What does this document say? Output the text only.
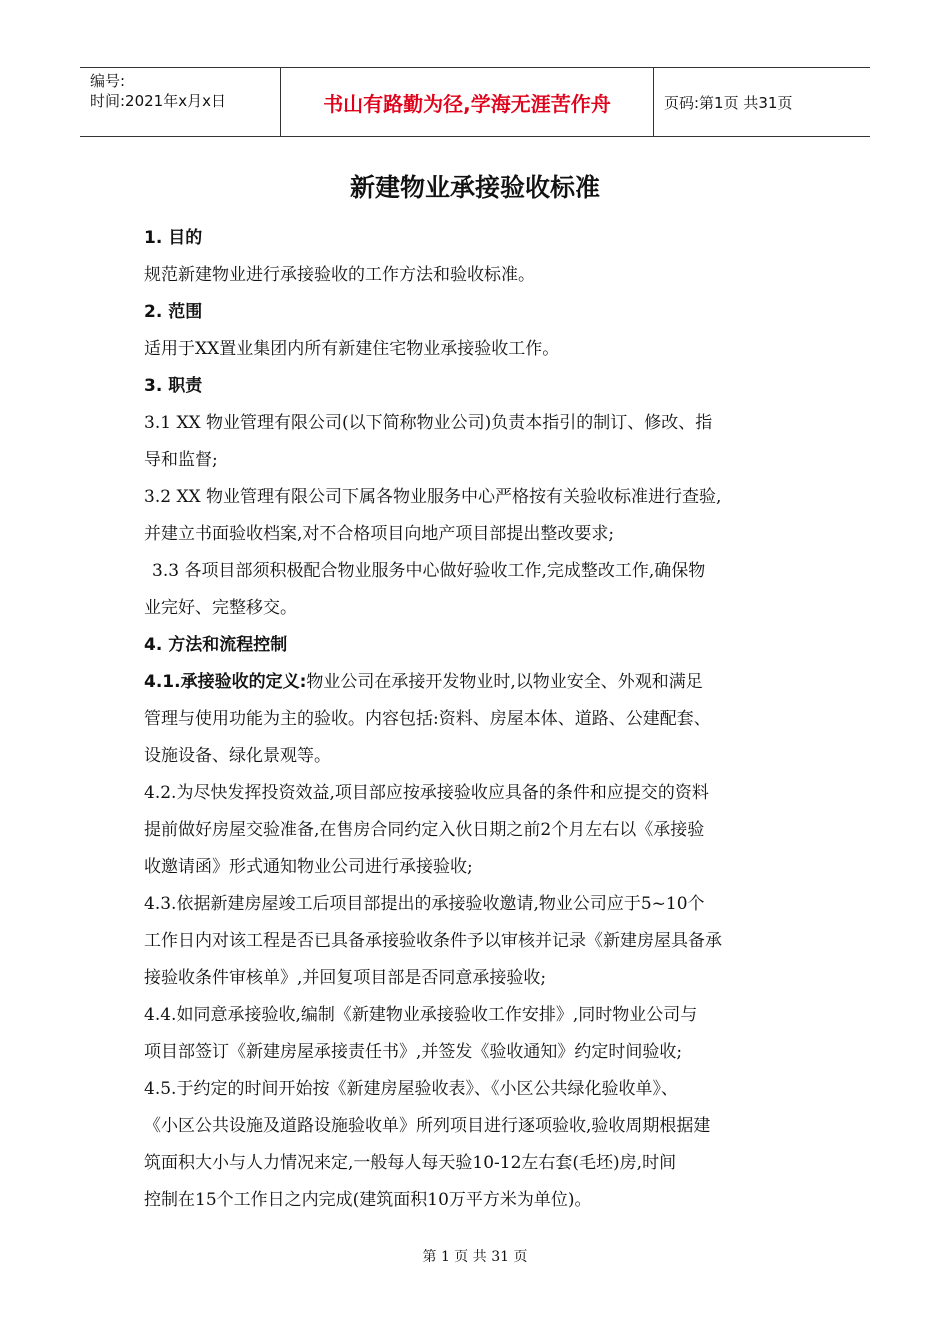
编号:
时间:2021年x月x日	书山有路勤为径,学海无涯苦作舟	页码:第1页 共31页
新建物业承接验收标准

1. 目的

规范新建物业进行承接验收的工作方法和验收标准。

2. 范围

适用于XX置业集团内所有新建住宅物业承接验收工作。

3. 职责

3.1 XX 物业管理有限公司(以下简称物业公司)负责本指引的制订、修改、指

导和监督;

3.2 XX 物业管理有限公司下属各物业服务中心严格按有关验收标准进行查验,

并建立书面验收档案,对不合格项目向地产项目部提出整改要求;

3.3 各项目部须积极配合物业服务中心做好验收工作,完成整改工作,确保物

业完好、完整移交。

4. 方法和流程控制

4.1.承接验收的定义:物业公司在承接开发物业时,以物业安全、外观和满足

管理与使用功能为主的验收。内容包括:资料、房屋本体、道路、公建配套、

设施设备、绿化景观等。

4.2.为尽快发挥投资效益,项目部应按承接验收应具备的条件和应提交的资料

提前做好房屋交验准备,在售房合同约定入伙日期之前2个月左右以《承接验

收邀请函》形式通知物业公司进行承接验收;

4.3.依据新建房屋竣工后项目部提出的承接验收邀请,物业公司应于5~10个

工作日内对该工程是否已具备承接验收条件予以审核并记录《新建房屋具备承

接验收条件审核单》,并回复项目部是否同意承接验收;

4.4.如同意承接验收,编制《新建物业承接验收工作安排》,同时物业公司与

项目部签订《新建房屋承接责任书》,并签发《验收通知》约定时间验收;

4.5.于约定的时间开始按《新建房屋验收表》、《小区公共绿化验收单》、

《小区公共设施及道路设施验收单》所列项目进行逐项验收,验收周期根据建

筑面积大小与人力情况来定,一般每人每天验10-12左右套(毛坯)房,时间

控制在15个工作日之内完成(建筑面积10万平方米为单位)。

第 1 页 共 31 页
